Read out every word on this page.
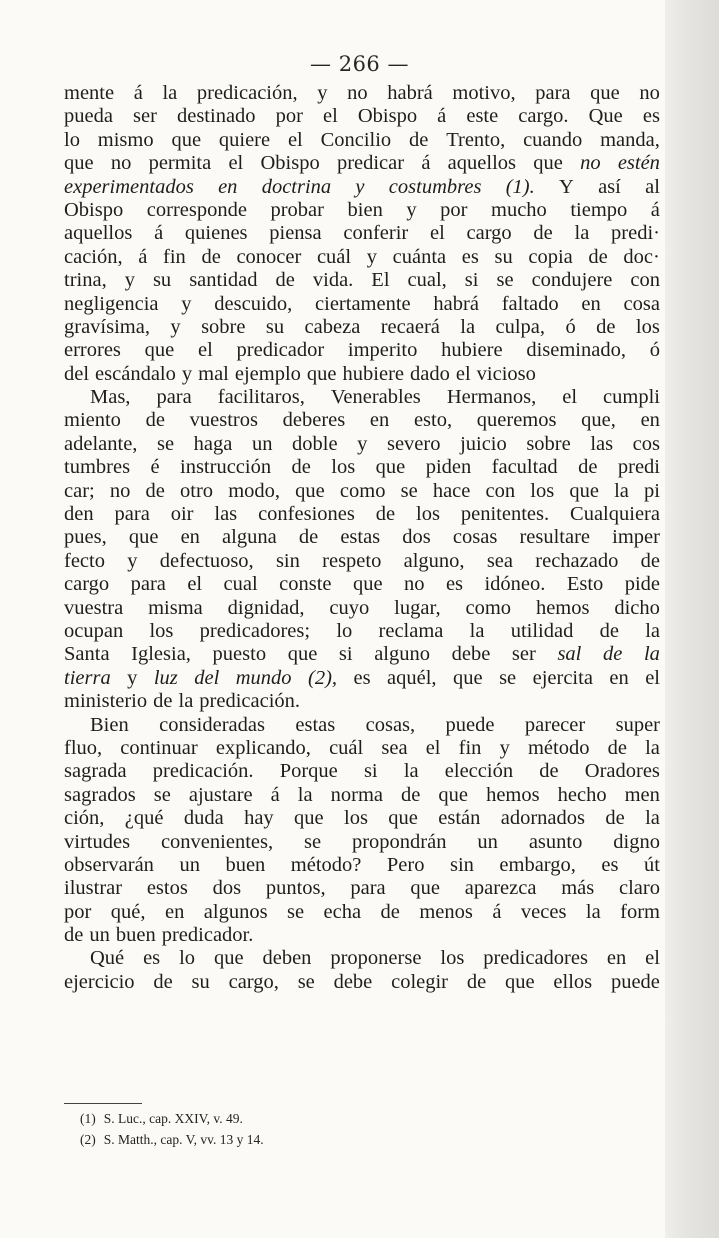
— 266 —
mente á la predicación, y no habrá motivo, para que no
pueda ser destinado por el Obispo á este cargo. Que es
lo mismo que quiere el Concilio de Trento, cuando manda,
que no permita el Obispo predicar á aquellos que no estén
experimentados en doctrina y costumbres (1). Y así al
Obispo corresponde probar bien y por mucho tiempo á
aquellos á quienes piensa conferir el cargo de la predi·
cación, á fin de conocer cuál y cuánta es su copia de doc·
trina, y su santidad de vida. El cual, si se condujere con
negligencia y descuido, ciertamente habrá faltado en cosa
gravísima, y sobre su cabeza recaerá la culpa, ó de los
errores que el predicador imperito hubiere diseminado, ó
del escándalo y mal ejemplo que hubiere dado el vicioso
Mas, para facilitaros, Venerables Hermanos, el cumpli
miento de vuestros deberes en esto, queremos que, en
adelante, se haga un doble y severo juicio sobre las cos
tumbres é instrucción de los que piden facultad de predi
car; no de otro modo, que como se hace con los que la pi
den para oir las confesiones de los penitentes. Cualquiera
pues, que en alguna de estas dos cosas resultare imper
fecto y defectuoso, sin respeto alguno, sea rechazado de
cargo para el cual conste que no es idóneo. Esto pide
vuestra misma dignidad, cuyo lugar, como hemos dicho
ocupan los predicadores; lo reclama la utilidad de la
Santa Iglesia, puesto que si alguno debe ser sal de la
tierra y luz del mundo (2), es aquél, que se ejercita en el
ministerio de la predicación.
Bien consideradas estas cosas, puede parecer super
fluo, continuar explicando, cuál sea el fin y método de la
sagrada predicación. Porque si la elección de Oradores
sagrados se ajustare á la norma de que hemos hecho men
ción, ¿qué duda hay que los que están adornados de la
virtudes convenientes, se propondrán un asunto digno
observarán un buen método? Pero sin embargo, es út
ilustrar estos dos puntos, para que aparezca más claro
por qué, en algunos se echa de menos á veces la form
de un buen predicador.
Qué es lo que deben proponerse los predicadores en el
ejercicio de su cargo, se debe colegir de que ellos puede
(1) S. Luc., cap. XXIV, v. 49.
(2) S. Matth., cap. V, vv. 13 y 14.
